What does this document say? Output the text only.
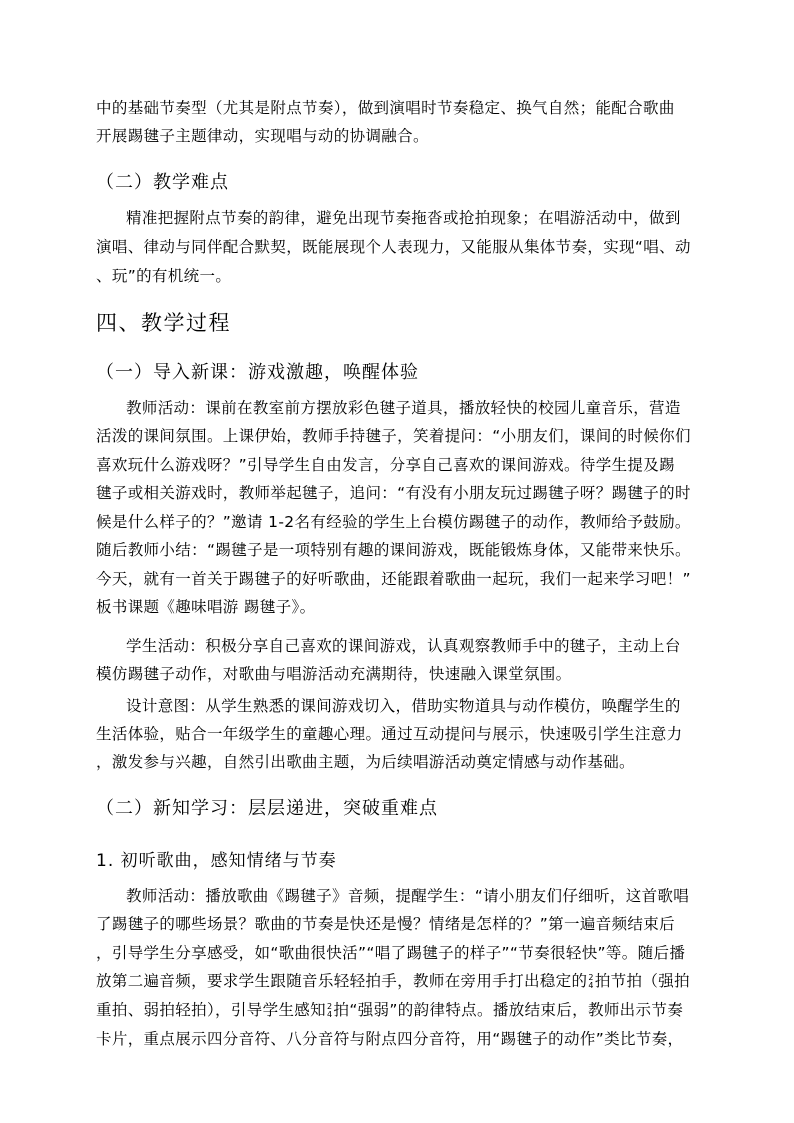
中的基础节奏型（尤其是附点节奏），做到演唱时节奏稳定、换气自然；能配合歌曲

开展踢毽子主题律动，实现唱与动的协调融合。

（二）教学难点

精准把握附点节奏的韵律，避免出现节奏拖沓或抢拍现象；在唱游活动中，做到

演唱、律动与同伴配合默契，既能展现个人表现力，又能服从集体节奏，实现“唱、动

、玩”的有机统一。

四、教学过程
（一）导入新课：游戏激趣，唤醒体验

教师活动：课前在教室前方摆放彩色毽子道具，播放轻快的校园儿童音乐，营造

活泼的课间氛围。上课伊始，教师手持毽子，笑着提问：“小朋友们，课间的时候你们

喜欢玩什么游戏呀？”引导学生自由发言，分享自己喜欢的课间游戏。待学生提及踢

毽子或相关游戏时，教师举起毽子，追问：“有没有小朋友玩过踢毽子呀？踢毽子的时

候是什么样子的？”邀请 1-2名有经验的学生上台模仿踢毽子的动作，教师给予鼓励。

随后教师小结：“踢毽子是一项特别有趣的课间游戏，既能锻炼身体，又能带来快乐。

今天，就有一首关于踢毽子的好听歌曲，还能跟着歌曲一起玩，我们一起来学习吧！”

板书课题《趣味唱游 踢毽子》。

学生活动：积极分享自己喜欢的课间游戏，认真观察教师手中的毽子，主动上台

模仿踢毽子动作，对歌曲与唱游活动充满期待，快速融入课堂氛围。

设计意图：从学生熟悉的课间游戏切入，借助实物道具与动作模仿，唤醒学生的

生活体验，贴合一年级学生的童趣心理。通过互动提问与展示，快速吸引学生注意力

，激发参与兴趣，自然引出歌曲主题，为后续唱游活动奠定情感与动作基础。

（二）新知学习：层层递进，突破重难点
1. 初听歌曲，感知情绪与节奏

教师活动：播放歌曲《踢毽子》音频，提醒学生：“请小朋友们仔细听，这首歌唱

了踢毽子的哪些场景？歌曲的节奏是快还是慢？情绪是怎样的？”第一遍音频结束后

，引导学生分享感受，如“歌曲很快活”“唱了踢毽子的样子”“节奏很轻快”等。随后播

放第二遍音频，要求学生跟随音乐轻轻拍手，教师在旁用手打出稳定的 2
4 拍节拍（强拍

重拍、弱拍轻拍），引导学生感知 2
4 拍“强弱”的韵律特点。播放结束后，教师出示节奏

卡片，重点展示四分音符、八分音符与附点四分音符，用“踢毽子的动作”类比节奏，
